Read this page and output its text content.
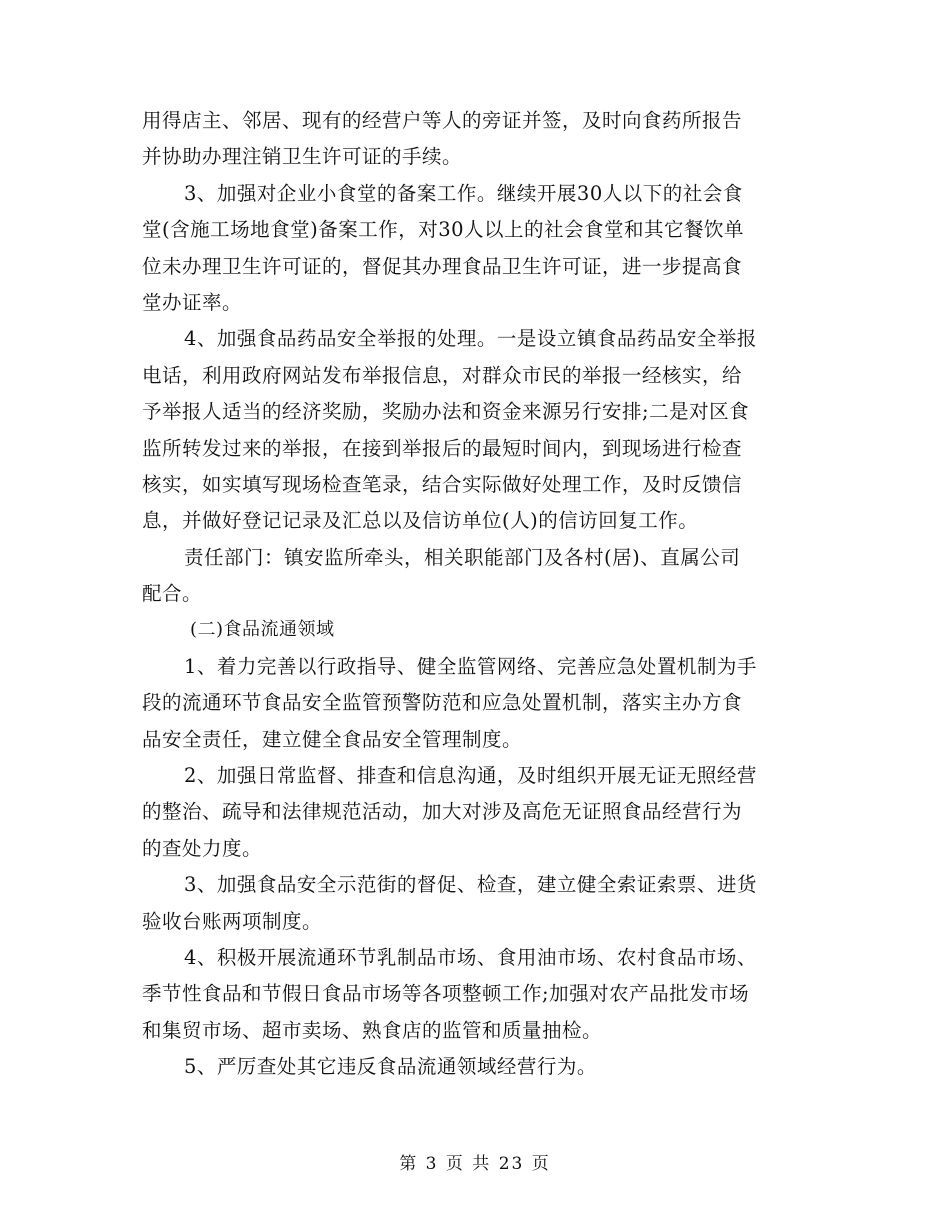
用得店主、邻居、现有的经营户等人的旁证并签，及时向食药所报告
并协助办理注销卫生许可证的手续。
3、加强对企业小食堂的备案工作。继续开展30人以下的社会食
堂(含施工场地食堂)备案工作，对30人以上的社会食堂和其它餐饮单
位未办理卫生许可证的，督促其办理食品卫生许可证，进一步提高食
堂办证率。
4、加强食品药品安全举报的处理。一是设立镇食品药品安全举报
电话，利用政府网站发布举报信息，对群众市民的举报一经核实，给
予举报人适当的经济奖励，奖励办法和资金来源另行安排;二是对区食
监所转发过来的举报，在接到举报后的最短时间内，到现场进行检查
核实，如实填写现场检查笔录，结合实际做好处理工作，及时反馈信
息，并做好登记记录及汇总以及信访单位(人)的信访回复工作。
责任部门：镇安监所牵头，相关职能部门及各村(居)、直属公司
配合。
(二)食品流通领域
1、着力完善以行政指导、健全监管网络、完善应急处置机制为手
段的流通环节食品安全监管预警防范和应急处置机制，落实主办方食
品安全责任，建立健全食品安全管理制度。
2、加强日常监督、排查和信息沟通，及时组织开展无证无照经营
的整治、疏导和法律规范活动，加大对涉及高危无证照食品经营行为
的查处力度。
3、加强食品安全示范街的督促、检查，建立健全索证索票、进货
验收台账两项制度。
4、积极开展流通环节乳制品市场、食用油市场、农村食品市场、
季节性食品和节假日食品市场等各项整顿工作;加强对农产品批发市场
和集贸市场、超市卖场、熟食店的监管和质量抽检。
5、严厉查处其它违反食品流通领域经营行为。
第 3 页 共 23 页
